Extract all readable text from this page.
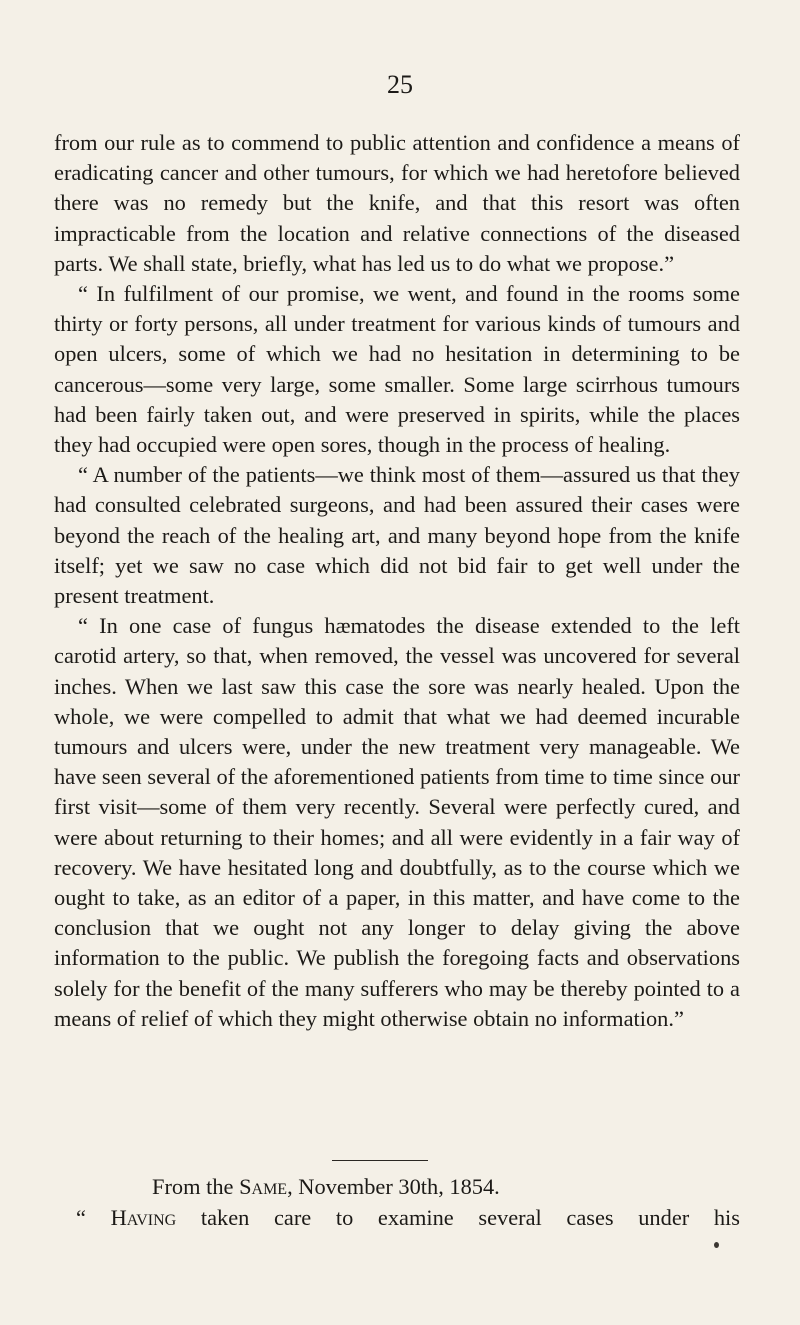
25

from our rule as to commend to public attention and confidence a means of eradicating cancer and other tumours, for which we had heretofore believed there was no remedy but the knife, and that this resort was often impracticable from the location and relative connections of the diseased parts. We shall state, briefly, what has led us to do what we propose.”

“ In fulfilment of our promise, we went, and found in the rooms some thirty or forty persons, all under treatment for various kinds of tumours and open ulcers, some of which we had no hesitation in determining to be cancerous—some very large, some smaller. Some large scirrhous tumours had been fairly taken out, and were preserved in spirits, while the places they had occupied were open sores, though in the process of healing.

“ A number of the patients—we think most of them—assured us that they had consulted celebrated surgeons, and had been assured their cases were beyond the reach of the healing art, and many beyond hope from the knife itself; yet we saw no case which did not bid fair to get well under the present treatment.

“ In one case of fungus hæmatodes the disease extended to the left carotid artery, so that, when removed, the vessel was uncovered for several inches. When we last saw this case the sore was nearly healed. Upon the whole, we were compelled to admit that what we had deemed incurable tumours and ulcers were, under the new treatment very manageable. We have seen several of the aforementioned patients from time to time since our first visit—some of them very recently. Several were perfectly cured, and were about returning to their homes; and all were evidently in a fair way of recovery. We have hesitated long and doubtfully, as to the course which we ought to take, as an editor of a paper, in this matter, and have come to the conclusion that we ought not any longer to delay giving the above information to the public. We publish the foregoing facts and observations solely for the benefit of the many sufferers who may be thereby pointed to a means of relief of which they might otherwise obtain no information.”

From the Same, November 30th, 1854.
“ Having taken care to examine several cases under his
